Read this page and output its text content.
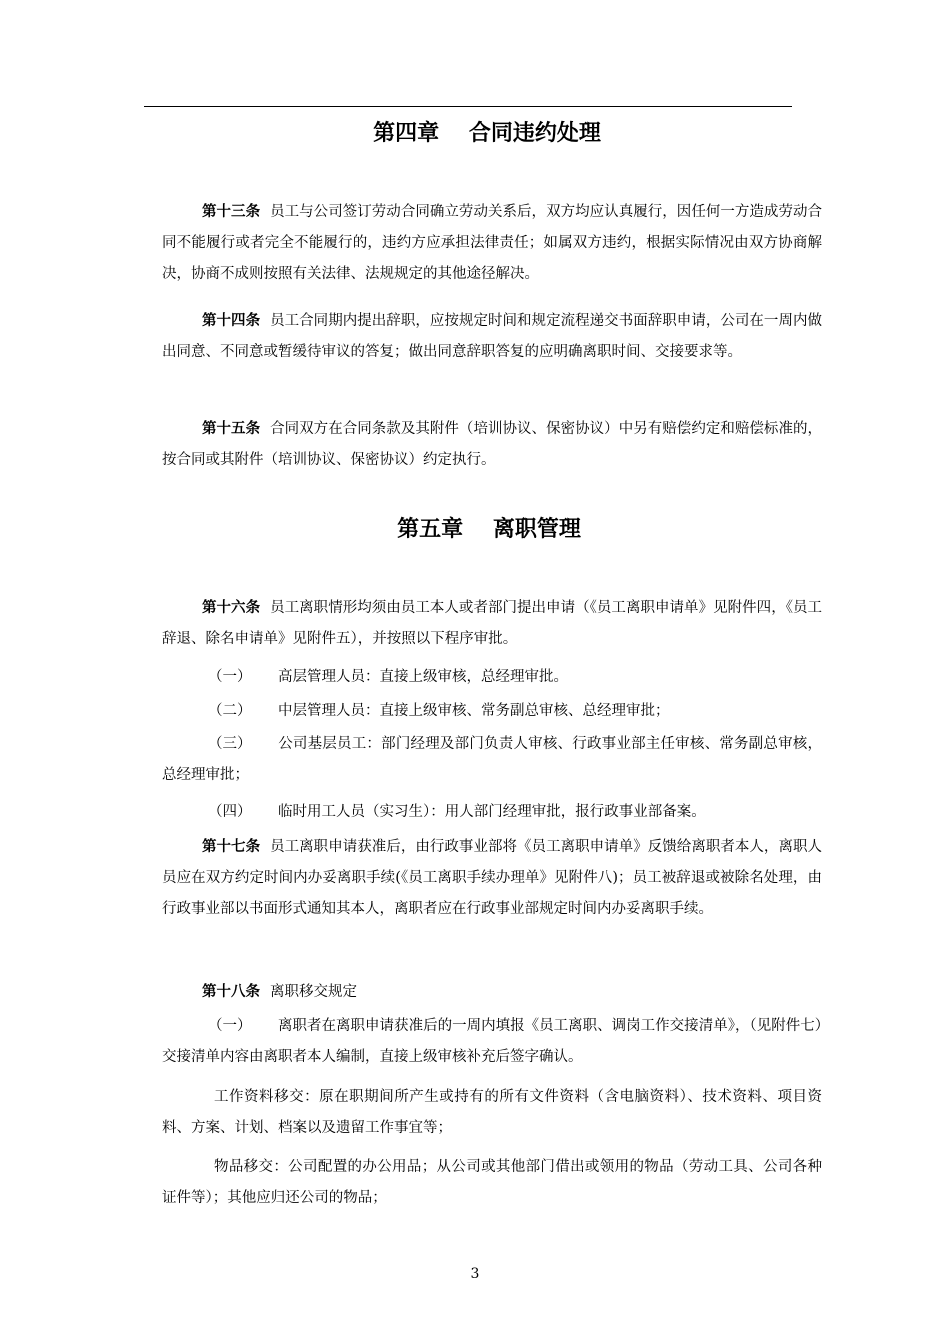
第四章　 合同违约处理
第十三条 员工与公司签订劳动合同确立劳动关系后，双方均应认真履行，因任何一方造成劳动合同不能履行或者完全不能履行的，违约方应承担法律责任；如属双方违约，根据实际情况由双方协商解决，协商不成则按照有关法律、法规规定的其他途径解决。
第十四条 员工合同期内提出辞职，应按规定时间和规定流程递交书面辞职申请，公司在一周内做出同意、不同意或暂缓待审议的答复；做出同意辞职答复的应明确离职时间、交接要求等。
第十五条 合同双方在合同条款及其附件（培训协议、保密协议）中另有赔偿约定和赔偿标准的，按合同或其附件（培训协议、保密协议）约定执行。
第五章　 离职管理
第十六条 员工离职情形均须由员工本人或者部门提出申请（《员工离职申请单》见附件四，《员工辞退、除名申请单》见附件五），并按照以下程序审批。
（一） 高层管理人员：直接上级审核，总经理审批。
（二） 中层管理人员：直接上级审核、常务副总审核、总经理审批；
（三） 公司基层员工：部门经理及部门负责人审核、行政事业部主任审核、常务副总审核，总经理审批；
（四） 临时用工人员（实习生）：用人部门经理审批，报行政事业部备案。
第十七条 员工离职申请获准后，由行政事业部将《员工离职申请单》反馈给离职者本人，离职人员应在双方约定时间内办妥离职手续(《员工离职手续办理单》见附件八)；员工被辞退或被除名处理，由行政事业部以书面形式通知其本人，离职者应在行政事业部规定时间内办妥离职手续。
第十八条 离职移交规定
（一） 离职者在离职申请获准后的一周内填报《员工离职、调岗工作交接清单》，（见附件七）交接清单内容由离职者本人编制，直接上级审核补充后签字确认。
工作资料移交：原在职期间所产生或持有的所有文件资料（含电脑资料）、技术资料、项目资料、方案、计划、档案以及遗留工作事宜等；
物品移交：公司配置的办公用品；从公司或其他部门借出或领用的物品（劳动工具、公司各种证件等）；其他应归还公司的物品；
3
